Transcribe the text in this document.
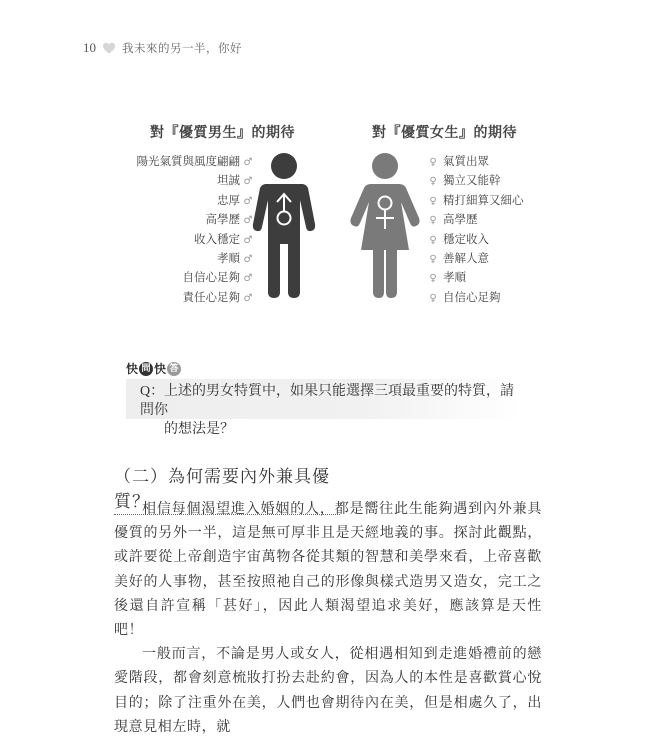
10 我未來的另一半，你好
對『優質男生』的期待	對『優質女生』的期待
陽光氣質與風度翩翩 ♂
坦誠 ♂
忠厚 ♂
高學歷 ♂
收入穩定 ♂
孝順 ♂
自信心足夠 ♂
責任心足夠 ♂
♀ 氣質出眾
♀ 獨立又能幹
♀ 精打細算又細心
♀ 高學歷
♀ 穩定收入
♀ 善解人意
♀ 孝順
♀ 自信心足夠
快 問 快 答
Q：上述的男女特質中，如果只能選擇三項最重要的特質，請問你
的想法是？
（二）為何需要內外兼具優質？

相信每個渴望進入婚姻的人，都是嚮往此生能夠遇到內外兼具優質的另外一半，這是無可厚非且是天經地義的事。探討此觀點，或許要從上帝創造宇宙萬物各從其類的智慧和美學來看，上帝喜歡美好的人事物，甚至按照祂自己的形像與樣式造男又造女，完工之後還自許宣稱「甚好」，因此人類渴望追求美好，應該算是天性吧！

一般而言，不論是男人或女人，從相遇相知到走進婚禮前的戀愛階段，都會刻意梳妝打扮去赴約會，因為人的本性是喜歡賞心悅目的；除了注重外在美，人們也會期待內在美，但是相處久了，出現意見相左時，就
